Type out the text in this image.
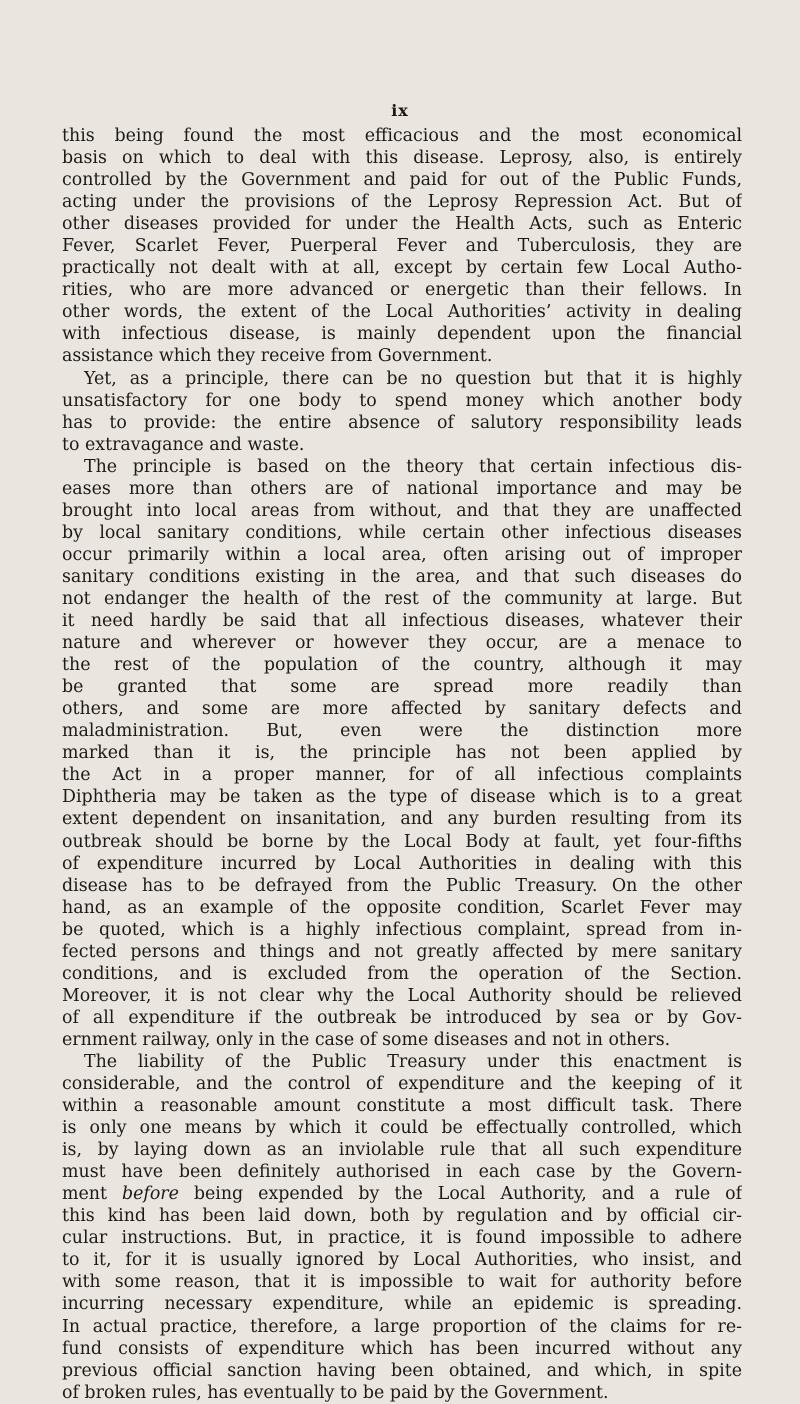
ix
this being found the most efficacious and the most economical
basis on which to deal with this disease. Leprosy, also, is entirely
controlled by the Government and paid for out of the Public Funds,
acting under the provisions of the Leprosy Repression Act. But of
other diseases provided for under the Health Acts, such as Enteric
Fever, Scarlet Fever, Puerperal Fever and Tuberculosis, they are
practically not dealt with at all, except by certain few Local Autho-
rities, who are more advanced or energetic than their fellows. In
other words, the extent of the Local Authorities’ activity in dealing
with infectious disease, is mainly dependent upon the financial
assistance which they receive from Government.
Yet, as a principle, there can be no question but that it is highly
unsatisfactory for one body to spend money which another body
has to provide: the entire absence of salutory responsibility leads
to extravagance and waste.
The principle is based on the theory that certain infectious dis-
eases more than others are of national importance and may be
brought into local areas from without, and that they are unaffected
by local sanitary conditions, while certain other infectious diseases
occur primarily within a local area, often arising out of improper
sanitary conditions existing in the area, and that such diseases do
not endanger the health of the rest of the community at large. But
it need hardly be said that all infectious diseases, whatever their
nature and wherever or however they occur, are a menace to
the rest of the population of the country, although it may
be granted that some are spread more readily than
others, and some are more affected by sanitary defects and
maladministration. But, even were the distinction more
marked than it is, the principle has not been applied by
the Act in a proper manner, for of all infectious complaints
Diphtheria may be taken as the type of disease which is to a great
extent dependent on insanitation, and any burden resulting from its
outbreak should be borne by the Local Body at fault, yet four-fifths
of expenditure incurred by Local Authorities in dealing with this
disease has to be defrayed from the Public Treasury. On the other
hand, as an example of the opposite condition, Scarlet Fever may
be quoted, which is a highly infectious complaint, spread from in-
fected persons and things and not greatly affected by mere sanitary
conditions, and is excluded from the operation of the Section.
Moreover, it is not clear why the Local Authority should be relieved
of all expenditure if the outbreak be introduced by sea or by Gov-
ernment railway, only in the case of some diseases and not in others.
The liability of the Public Treasury under this enactment is
considerable, and the control of expenditure and the keeping of it
within a reasonable amount constitute a most difficult task. There
is only one means by which it could be effectually controlled, which
is, by laying down as an inviolable rule that all such expenditure
must have been definitely authorised in each case by the Govern-
ment before being expended by the Local Authority, and a rule of
this kind has been laid down, both by regulation and by official cir-
cular instructions. But, in practice, it is found impossible to adhere
to it, for it is usually ignored by Local Authorities, who insist, and
with some reason, that it is impossible to wait for authority before
incurring necessary expenditure, while an epidemic is spreading.
In actual practice, therefore, a large proportion of the claims for re-
fund consists of expenditure which has been incurred without any
previous official sanction having been obtained, and which, in spite
of broken rules, has eventually to be paid by the Government.
